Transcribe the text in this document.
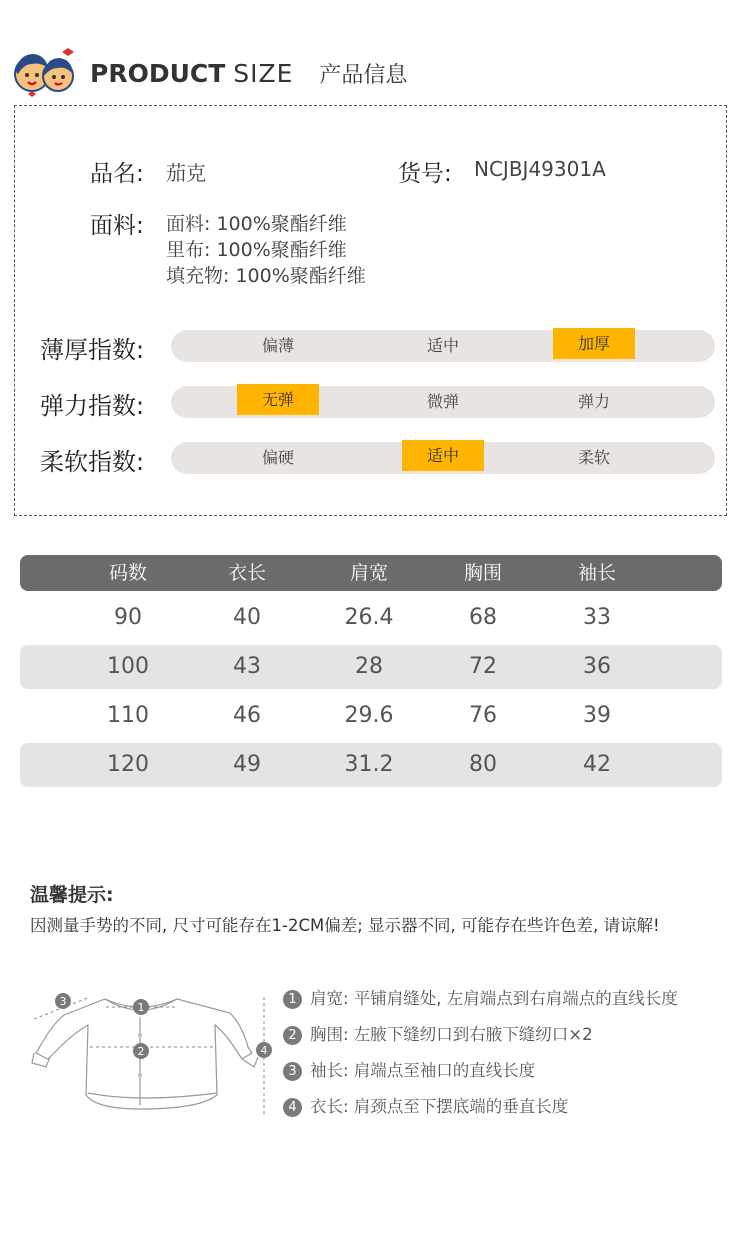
PRODUCT SIZE 产品信息
品名: 茄克	货号: NCJBJ49301A
面料: 面料: 100%聚酯纤维
里布: 100%聚酯纤维
填充物: 100%聚酯纤维
薄厚指数:	偏薄	适中	加厚
弹力指数:	无弹	微弹	弹力
柔软指数:	偏硬	适中	柔软
码数	衣长	肩宽	胸围	袖长
90	40	26.4	68	33
100	43	28	72	36
110	46	29.6	76	39
120	49	31.2	80	42
温馨提示:
因测量手势的不同, 尺寸可能存在1-2CM偏差; 显示器不同, 可能存在些许色差, 请谅解!
1
2
3
4
1 肩宽: 平铺肩缝处, 左肩端点到右肩端点的直线长度
2 胸围: 左腋下缝纫口到右腋下缝纫口×2
3 袖长: 肩端点至袖口的直线长度
4 衣长: 肩颈点至下摆底端的垂直长度
